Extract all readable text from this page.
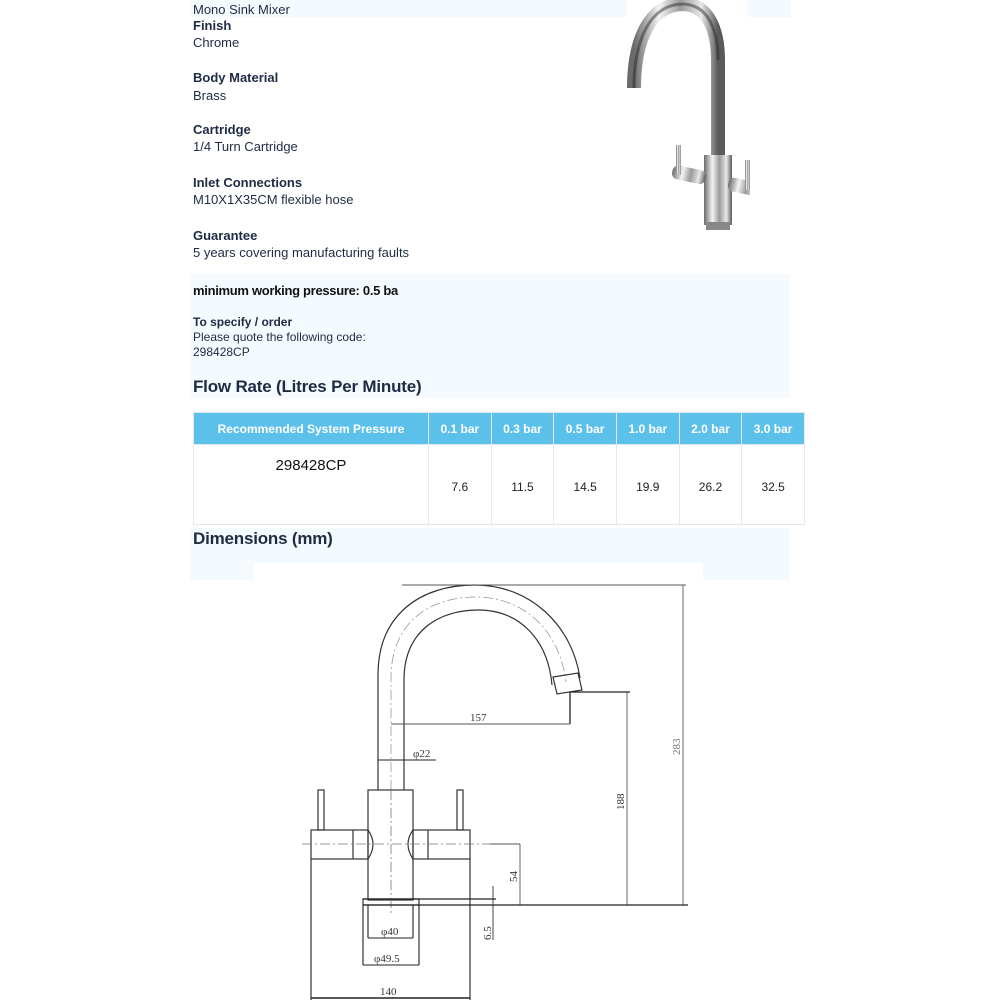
Mono Sink Mixer
Finish
Chrome
Body Material
Brass
Cartridge
1/4 Turn Cartridge
Inlet Connections
M10X1X35CM flexible hose
Guarantee
5 years covering manufacturing faults
minimum working pressure: 0.5 ba
To specify / order
Please quote the following code:
298428CP
Flow Rate (Litres Per Minute)
Recommended System Pressure	0.1 bar	0.3 bar	0.5 bar	1.0 bar	2.0 bar	3.0 bar
298428CP	7.6	11.5	14.5	19.9	26.2	32.5
Dimensions (mm)
157
φ22	283
188
54
6.5
φ40
φ49.5
140
